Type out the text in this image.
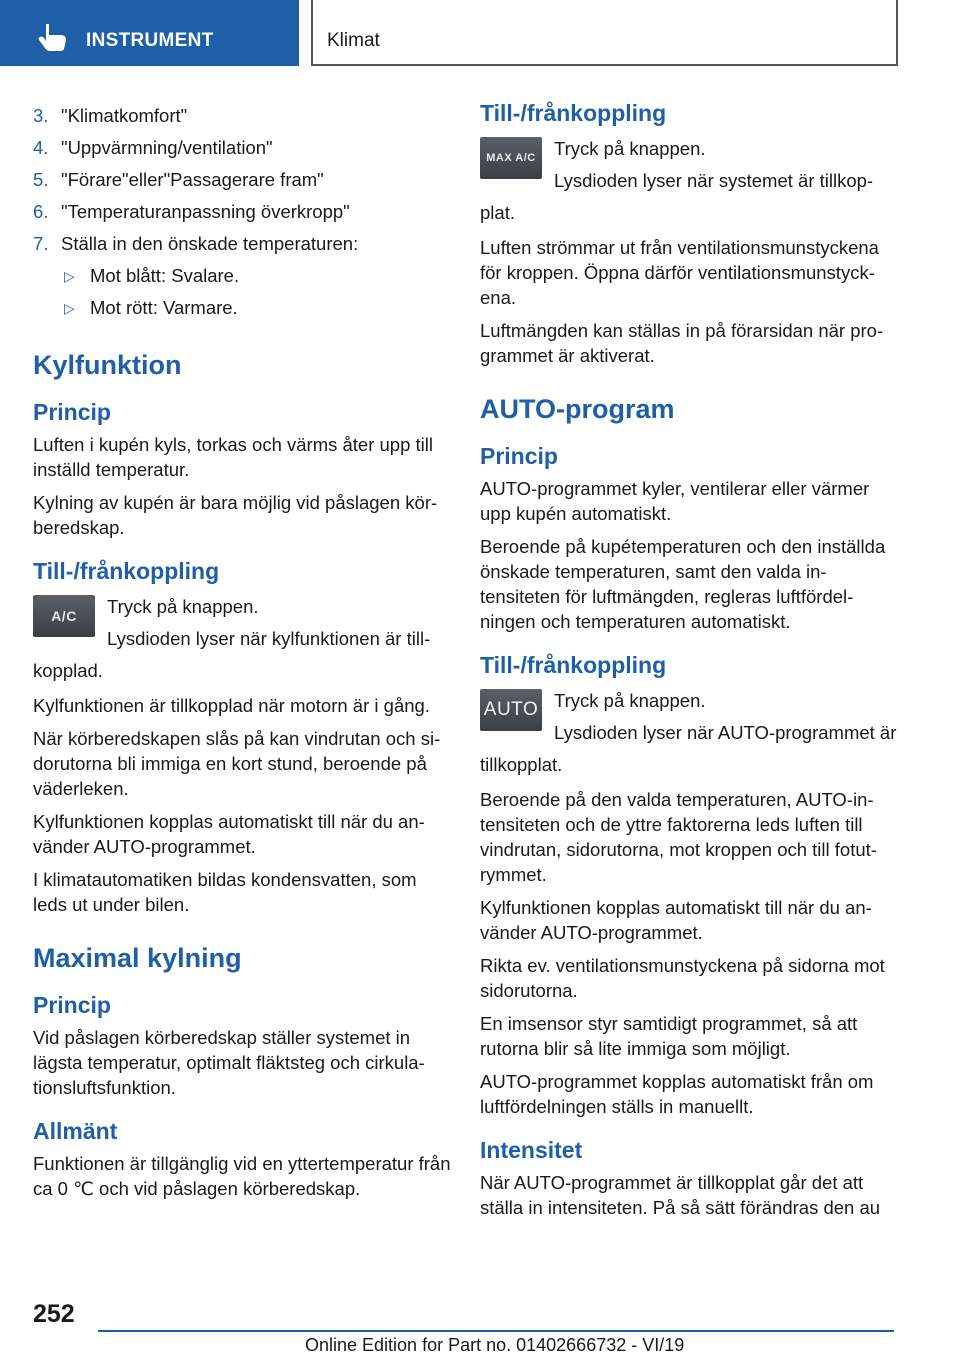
INSTRUMENT	Klimat
3. "Klimatkomfort"
4. "Uppvärmning/ventilation"
5. "Förare"eller"Passagerare fram"
6. "Temperaturanpassning överkropp"
7. Ställa in den önskade temperaturen:
▷ Mot blått: Svalare.
▷ Mot rött: Varmare.
Kylfunktion
Princip

Luften i kupén kyls, torkas och värms åter upp till inställd temperatur.

Kylning av kupén är bara möjlig vid påslagen körberedskap.

Till-/frånkoppling
A/C	Tryck på knappen.
Lysdioden lyser när kylfunktionen är tillkopplad.

Kylfunktionen är tillkopplad när motorn är i gång.

När körberedskapen slås på kan vindrutan och sidorutorna bli immiga en kort stund, beroende på väderleken.

Kylfunktionen kopplas automatiskt till när du använder AUTO-programmet.

I klimatautomatiken bildas kondensvatten, som leds ut under bilen.

Maximal kylning
Princip

Vid påslagen körberedskap ställer systemet in lägsta temperatur, optimalt fläktsteg och cirkulationsluftsfunktion.

Allmänt

Funktionen är tillgänglig vid en yttertemperatur från ca 0 ℃ och vid påslagen körberedskap.

Till-/frånkoppling
MAX A/C Tryck på knappen.
Lysdioden lyser när systemet är tillkopplat.

Luften strömmar ut från ventilationsmunstyckena för kroppen. Öppna därför ventilationsmunstyckena.

Luftmängden kan ställas in på förarsidan när programmet är aktiverat.

AUTO-program
Princip

AUTO-programmet kyler, ventilerar eller värmer upp kupén automatiskt.

Beroende på kupétemperaturen och den inställda önskade temperaturen, samt den valda intensiteten för luftmängden, regleras luftfördelningen och temperaturen automatiskt.

Till-/frånkoppling
AUTO Tryck på knappen.
Lysdioden lyser när AUTO-programmet är tillkopplat.

Beroende på den valda temperaturen, AUTO-intensiteten och de yttre faktorerna leds luften till vindrutan, sidorutorna, mot kroppen och till fotutrymmet.

Kylfunktionen kopplas automatiskt till när du använder AUTO-programmet.

Rikta ev. ventilationsmunstyckena på sidorna mot sidorutorna.

En imsensor styr samtidigt programmet, så att rutorna blir så lite immiga som möjligt.

AUTO-programmet kopplas automatiskt från om luftfördelningen ställs in manuellt.

Intensitet

När AUTO-programmet är tillkopplat går det att ställa in intensiteten. På så sätt förändras den au

252
Online Edition for Part no. 01402666732 - VI/19
